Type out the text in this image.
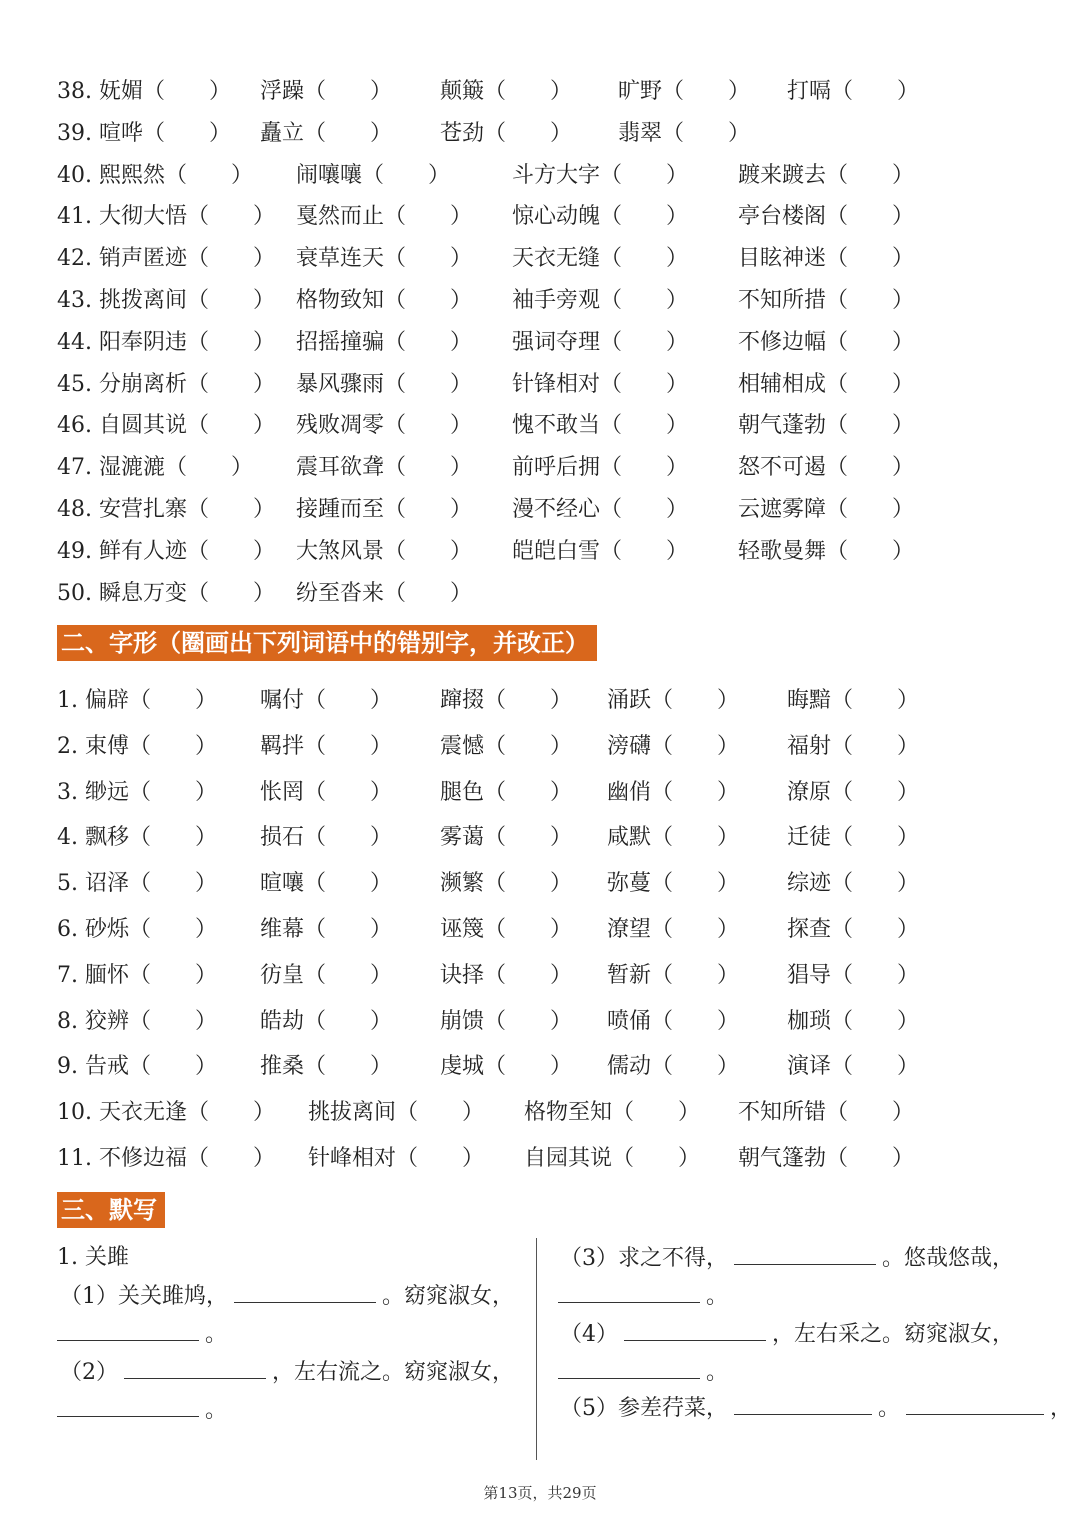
38. 妩媚（　　） 浮躁（　　） 颠簸（　　） 旷野（　　） 打嗝（　　）
39. 喧哗（　　） 矗立（　　） 苍劲（　　） 翡翠（　　）
40. 熙熙然（　　） 闹嚷嚷（　　）	斗方大字（　　） 踱来踱去（　　）
41. 大彻大悟（　　） 戛然而止（　　） 惊心动魄（　　） 亭台楼阁（　　）
42. 销声匿迹（　　） 衰草连天（　　） 天衣无缝（　　） 目眩神迷（　　）
43. 挑拨离间（　　） 格物致知（　　） 袖手旁观（　　） 不知所措（　　）
44. 阳奉阴违（　　） 招摇撞骗（　　） 强词夺理（　　） 不修边幅（　　）
45. 分崩离析（　　） 暴风骤雨（　　） 针锋相对（　　） 相辅相成（　　）
46. 自圆其说（　　） 残败凋零（　　） 愧不敢当（　　） 朝气蓬勃（　　）
47. 湿漉漉（　　） 震耳欲聋（　　） 前呼后拥（　　） 怒不可遏（　　）
48. 安营扎寨（　　） 接踵而至（　　） 漫不经心（　　） 云遮雾障（　　）
49. 鲜有人迹（　　） 大煞风景（　　） 皑皑白雪（　　） 轻歌曼舞（　　）
50. 瞬息万变（　　） 纷至沓来（　　）
二、字形（圈画出下列词语中的错别字，并改正）
1. 偏辟（　　） 嘱付（　　） 蹿掇（　　） 涌跃（　　） 晦黯（　　）
2. 束傅（　　） 羁拌（　　） 震憾（　　） 滂礴（　　） 福射（　　）
3. 缈远（　　） 怅罔（　　） 腿色（　　） 幽俏（　　） 潦原（　　）
4. 飘移（　　） 损石（　　） 雾蔼（　　） 咸默（　　） 迁徒（　　）
5. 诏泽（　　） 暄嚷（　　） 濒繁（　　） 弥蔓（　　） 综迹（　　）
6. 砂烁（　　） 维幕（　　） 诬篾（　　） 潦望（　　） 探查（　　）
7. 腼怀（　　） 彷皇（　　） 诀择（　　） 暂新（　　） 猖导（　　）
8. 狡辨（　　） 皓劫（　　） 崩馈（　　） 喷俑（　　） 枷琐（　　）
9. 告戒（　　） 推桑（　　） 虔城（　　） 儒动（　　） 演译（　　）
10. 天衣无逢（　　） 挑拔离间（　　） 格物至知（　　） 不知所错（　　）
11. 不修边福（　　） 针峰相对（　　） 自园其说（　　） 朝气篷勃（　　）
三、默写
1. 关雎
（1）关关雎鸠，	。窈窕淑女，
。
（2）	，左右流之。窈窕淑女，
。
（3）求之不得，	。悠哉悠哉，
。
（4）	，左右采之。窈窕淑女，
。
（5）参差荇菜，	。	，
第13页，共29页
